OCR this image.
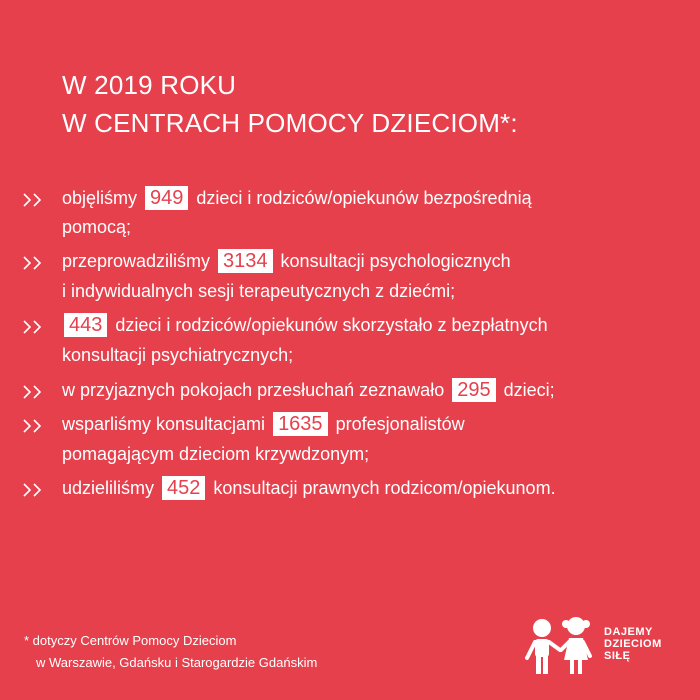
W 2019 ROKU
W CENTRACH POMOCY DZIECIOM*:
objęliśmy 949 dzieci i rodziców/opiekunów bezpośrednią
pomocą;
przeprowadziliśmy 3134 konsultacji psychologicznych
i indywidualnych sesji terapeutycznych z dziećmi;
443 dzieci i rodziców/opiekunów skorzystało z bezpłatnych
konsultacji psychiatrycznych;
w przyjaznych pokojach przesłuchań zeznawało 295 dzieci;
wsparliśmy konsultacjami 1635 profesjonalistów
pomagającym dzieciom krzywdzonym;
udzieliliśmy 452 konsultacji prawnych rodzicom/opiekunom.
* dotyczy Centrów Pomocy Dzieciom
w Warszawie, Gdańsku i Starogardzie Gdańskim
DAJEMY
DZIECIOM
SIŁĘ
